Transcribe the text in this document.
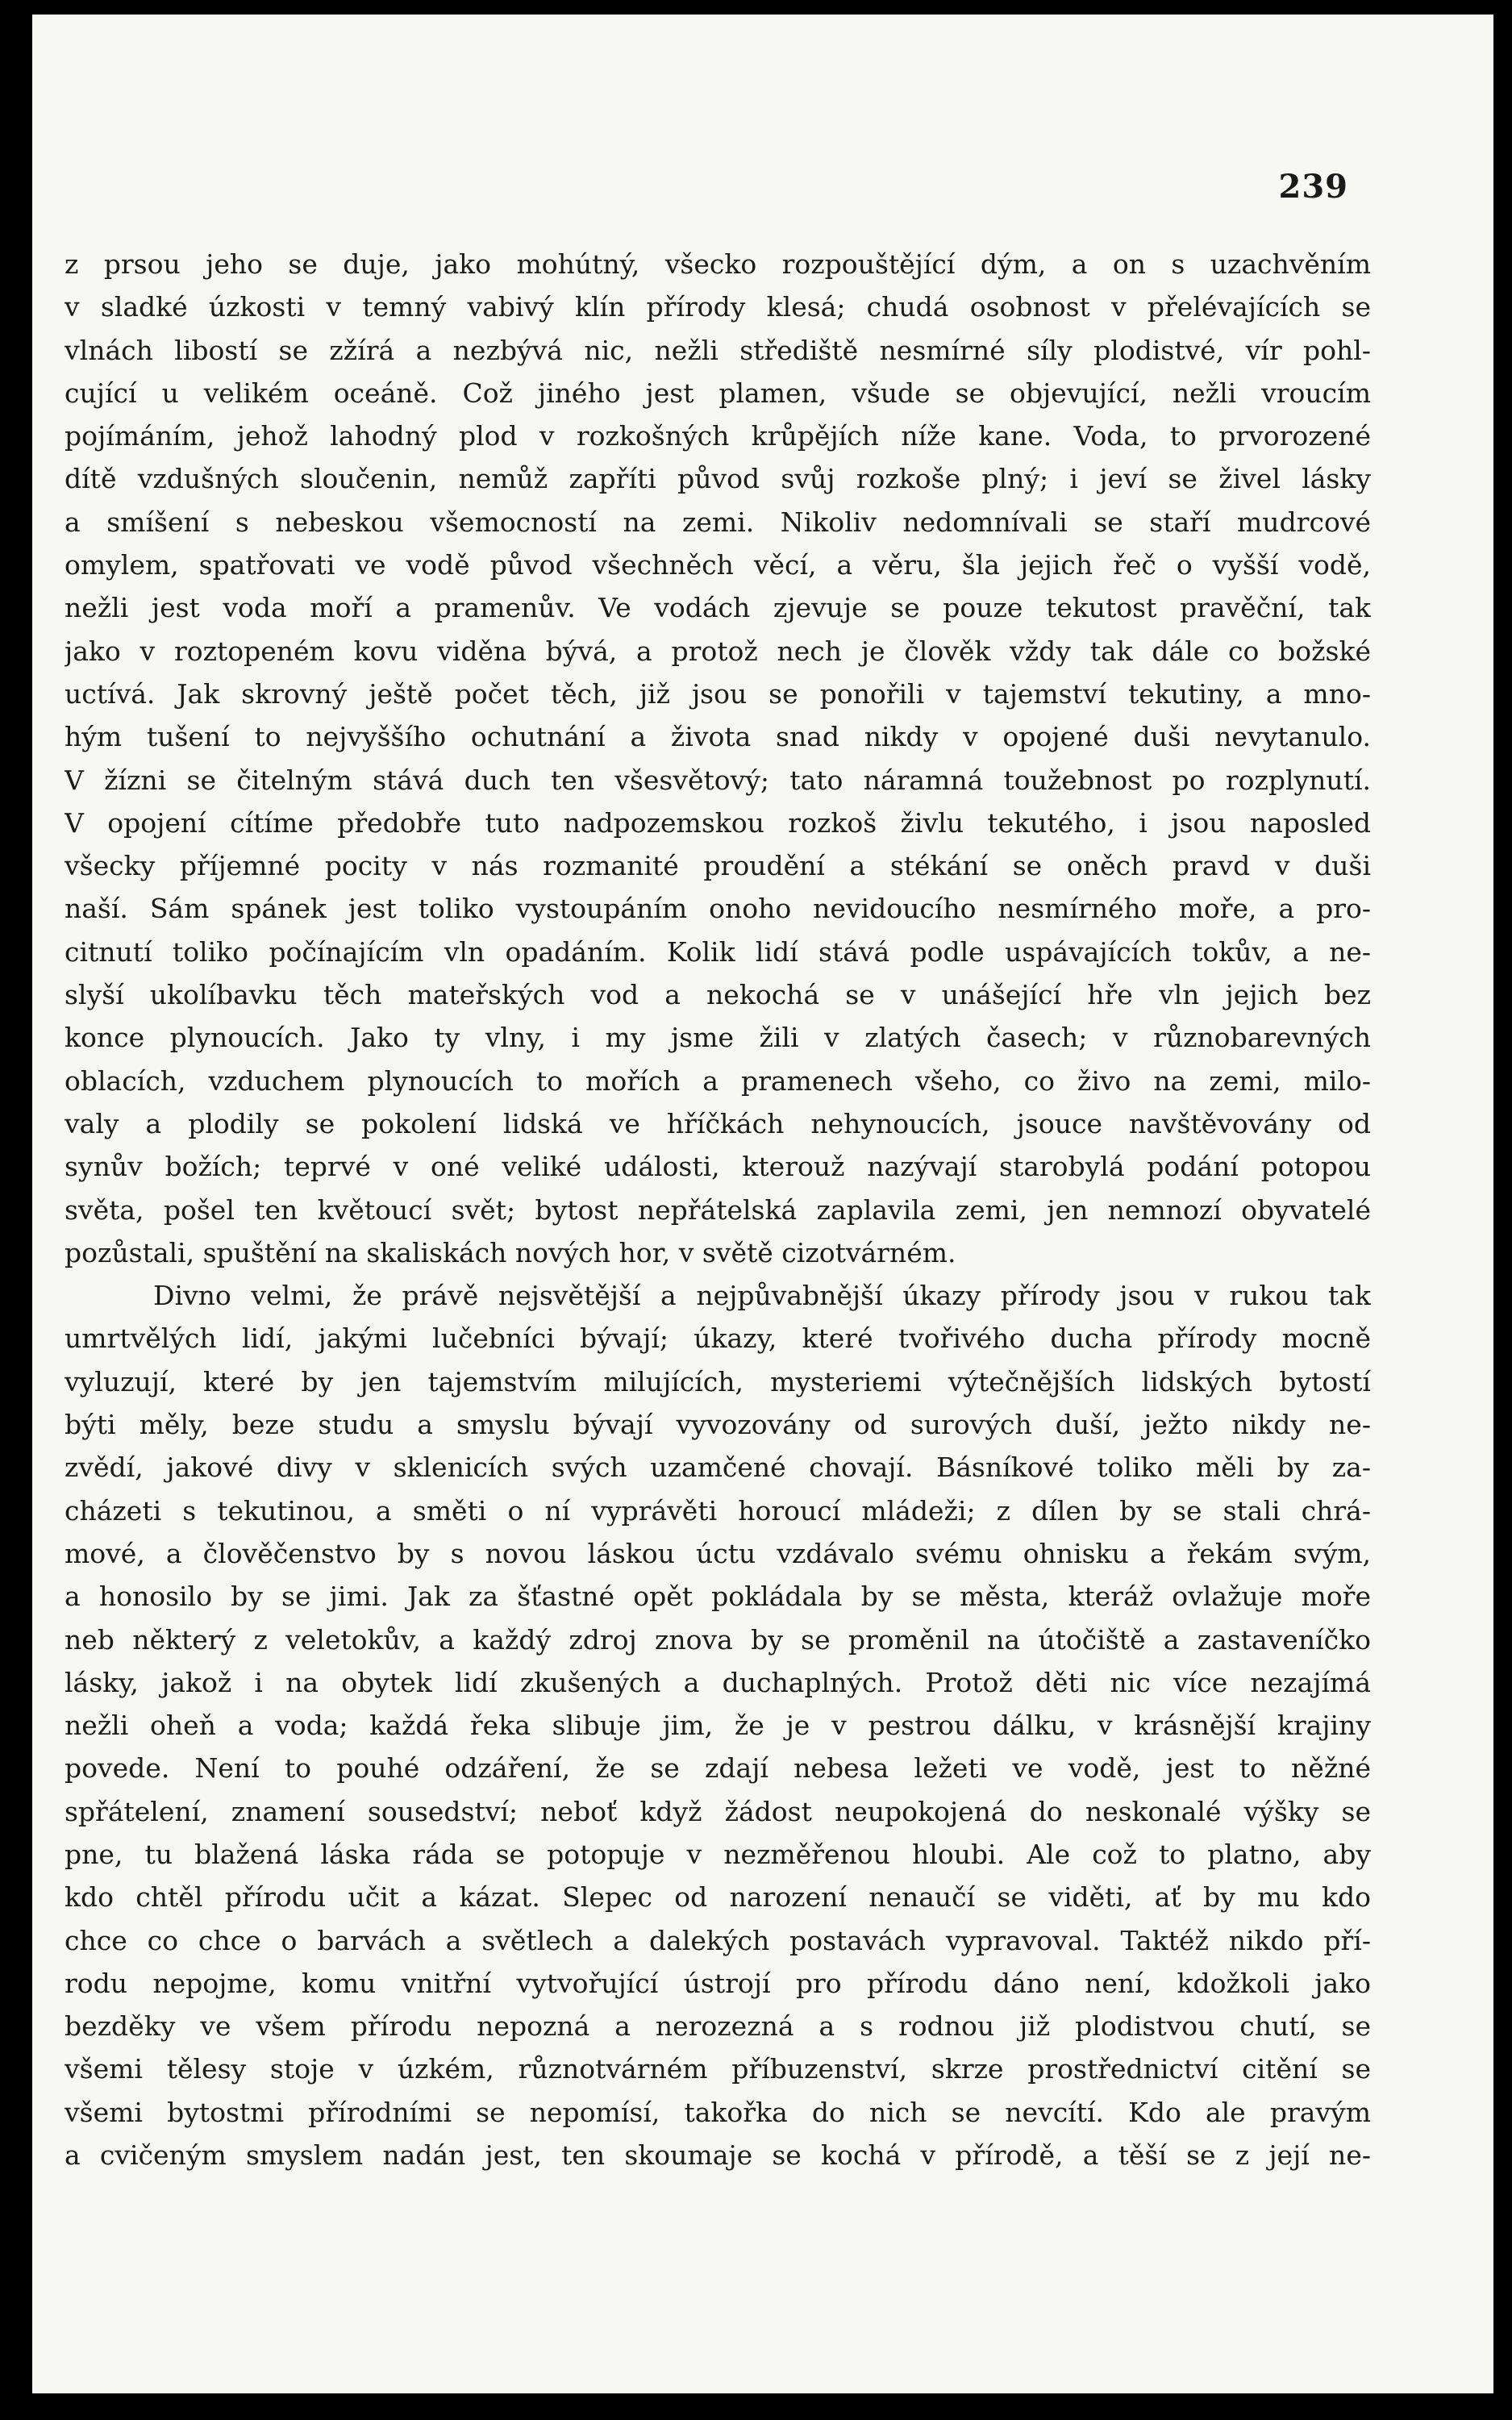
239
z prsou jeho se duje, jako mohútný, všecko rozpouštějící dým, a on s uzachvěním
v sladké úzkosti v temný vabivý klín přírody klesá; chudá osobnost v přelévajících se
vlnách libostí se zžírá a nezbývá nic, nežli střediště nesmírné síly plodistvé, vír pohl-
cující u velikém oceáně. Což jiného jest plamen, všude se objevující, nežli vroucím
pojímáním, jehož lahodný plod v rozkošných krůpějích níže kane. Voda, to prvorozené
dítě vzdušných sloučenin, nemůž zapříti původ svůj rozkoše plný; i jeví se živel lásky
a smíšení s nebeskou všemocností na zemi. Nikoliv nedomnívali se staří mudrcové
omylem, spatřovati ve vodě původ všechněch věcí, a věru, šla jejich řeč o vyšší vodě,
nežli jest voda moří a pramenův. Ve vodách zjevuje se pouze tekutost pravěční, tak
jako v roztopeném kovu viděna bývá, a protož nech je člověk vždy tak dále co božské
uctívá. Jak skrovný ještě počet těch, již jsou se ponořili v tajemství tekutiny, a mno-
hým tušení to nejvyššího ochutnání a života snad nikdy v opojené duši nevytanulo.
V žízni se čitelným stává duch ten všesvětový; tato náramná toužebnost po rozplynutí.
V opojení cítíme předobře tuto nadpozemskou rozkoš živlu tekutého, i jsou naposled
všecky příjemné pocity v nás rozmanité proudění a stékání se oněch pravd v duši
naší. Sám spánek jest toliko vystoupáním onoho nevidoucího nesmírného moře, a pro-
citnutí toliko počínajícím vln opadáním. Kolik lidí stává podle uspávajících tokův, a ne-
slyší ukolíbavku těch mateřských vod a nekochá se v unášející hře vln jejich bez
konce plynoucích. Jako ty vlny, i my jsme žili v zlatých časech; v různobarevných
oblacích, vzduchem plynoucích to mořích a pramenech všeho, co živo na zemi, milo-
valy a plodily se pokolení lidská ve hříčkách nehynoucích, jsouce navštěvovány od
synův božích; teprvé v oné veliké události, kterouž nazývají starobylá podání potopou
světa, pošel ten květoucí svět; bytost nepřátelská zaplavila zemi, jen nemnozí obyvatelé
pozůstali, spuštění na skaliskách nových hor, v světě cizotvárném.
Divno velmi, že právě nejsvětější a nejpůvabnější úkazy přírody jsou v rukou tak
umrtvělých lidí, jakými lučebníci bývají; úkazy, které tvořivého ducha přírody mocně
vyluzují, které by jen tajemstvím milujících, mysteriemi výtečnějších lidských bytostí
býti měly, beze studu a smyslu bývají vyvozovány od surových duší, ježto nikdy ne-
zvědí, jakové divy v sklenicích svých uzamčené chovají. Básníkové toliko měli by za-
cházeti s tekutinou, a směti o ní vyprávěti horoucí mládeži; z dílen by se stali chrá-
mové, a člověčenstvo by s novou láskou úctu vzdávalo svému ohnisku a řekám svým,
a honosilo by se jimi. Jak za šťastné opět pokládala by se města, kteráž ovlažuje moře
neb některý z veletokův, a každý zdroj znova by se proměnil na útočiště a zastaveníčko
lásky, jakož i na obytek lidí zkušených a duchaplných. Protož děti nic více nezajímá
nežli oheň a voda; každá řeka slibuje jim, že je v pestrou dálku, v krásnější krajiny
povede. Není to pouhé odzáření, že se zdají nebesa ležeti ve vodě, jest to něžné
spřátelení, znamení sousedství; neboť když žádost neupokojená do neskonalé výšky se
pne, tu blažená láska ráda se potopuje v nezměřenou hloubi. Ale což to platno, aby
kdo chtěl přírodu učit a kázat. Slepec od narození nenaučí se viděti, ať by mu kdo
chce co chce o barvách a světlech a dalekých postavách vypravoval. Taktéž nikdo pří-
rodu nepojme, komu vnitřní vytvořující ústrojí pro přírodu dáno není, kdožkoli jako
bezděky ve všem přírodu nepozná a nerozezná a s rodnou již plodistvou chutí, se
všemi tělesy stoje v úzkém, různotvárném příbuzenství, skrze prostřednictví citění se
všemi bytostmi přírodními se nepomísí, takořka do nich se nevcítí. Kdo ale pravým
a cvičeným smyslem nadán jest, ten skoumaje se kochá v přírodě, a těší se z její ne-
